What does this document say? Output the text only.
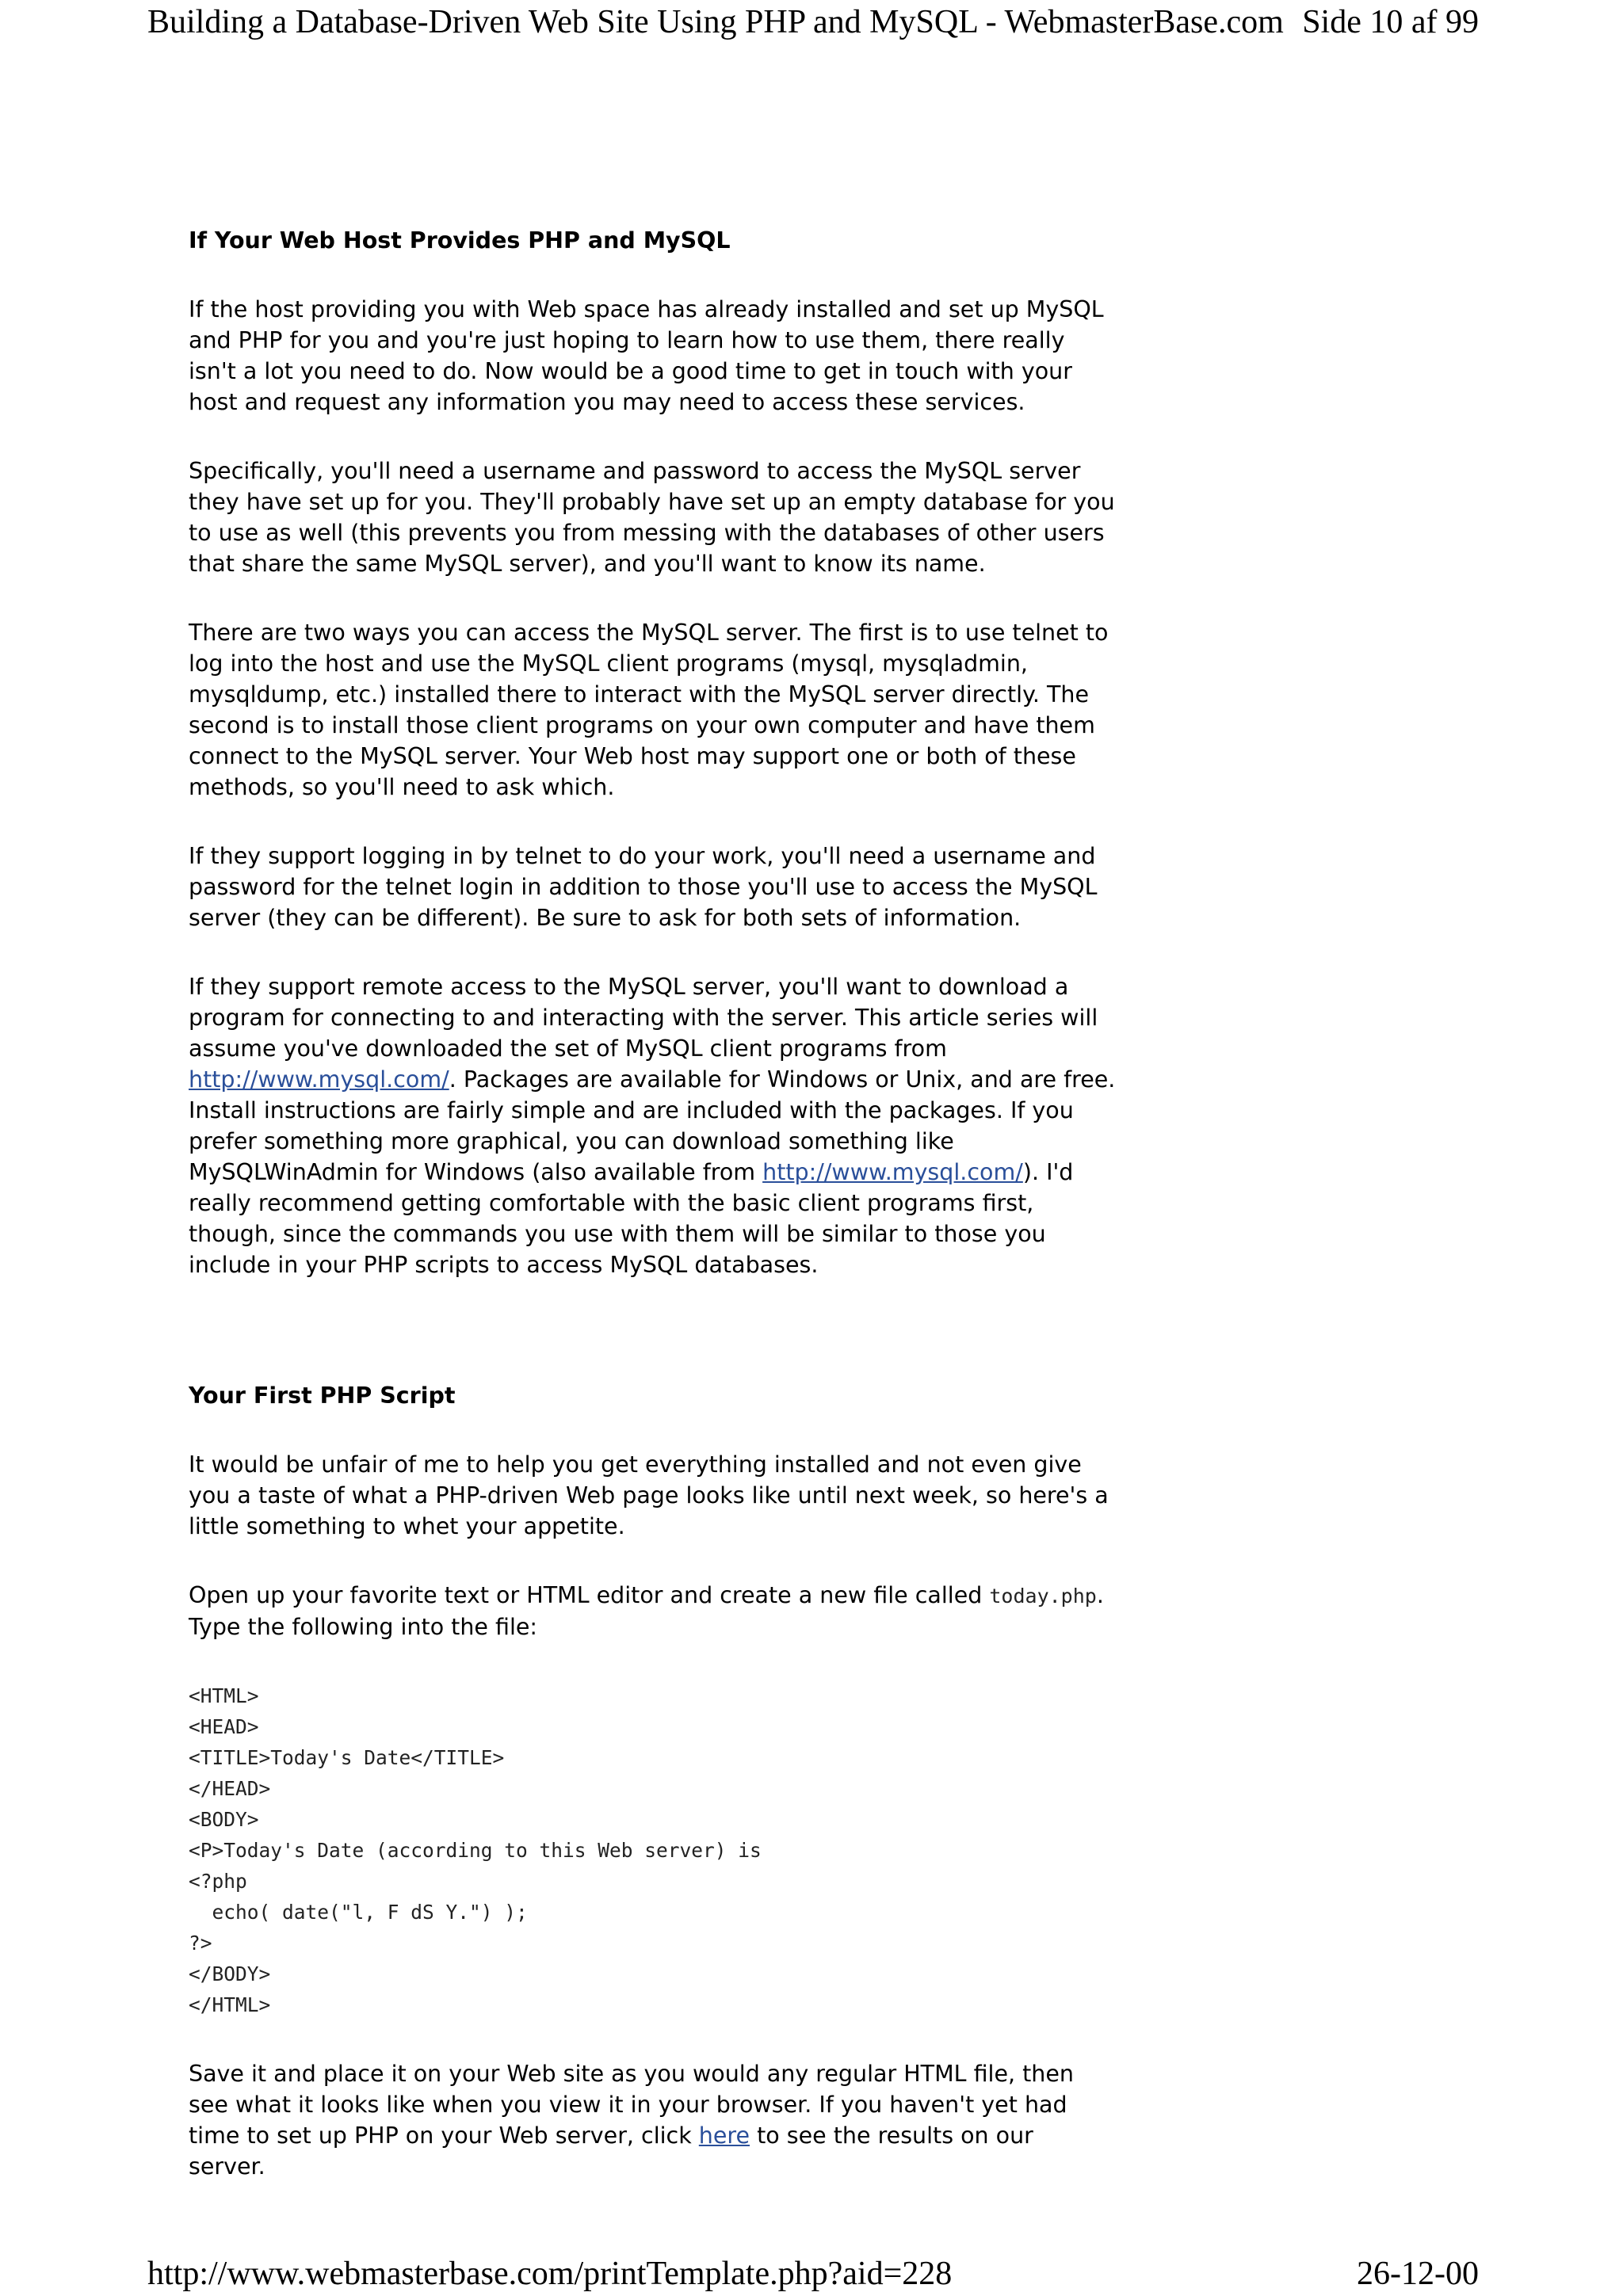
Building a Database-Driven Web Site Using PHP and MySQL - WebmasterBase.com Side 10 af 99
If Your Web Host Provides PHP and MySQL

If the host providing you with Web space has already installed and set up MySQL and PHP for you and you're just hoping to learn how to use them, there really isn't a lot you need to do. Now would be a good time to get in touch with your host and request any information you may need to access these services.

Specifically, you'll need a username and password to access the MySQL server they have set up for you. They'll probably have set up an empty database for you to use as well (this prevents you from messing with the databases of other users that share the same MySQL server), and you'll want to know its name.

There are two ways you can access the MySQL server. The first is to use telnet to log into the host and use the MySQL client programs (mysql, mysqladmin, mysqldump, etc.) installed there to interact with the MySQL server directly. The second is to install those client programs on your own computer and have them connect to the MySQL server. Your Web host may support one or both of these methods, so you'll need to ask which.

If they support logging in by telnet to do your work, you'll need a username and password for the telnet login in addition to those you'll use to access the MySQL server (they can be different). Be sure to ask for both sets of information.

If they support remote access to the MySQL server, you'll want to download a program for connecting to and interacting with the server. This article series will assume you've downloaded the set of MySQL client programs from http://www.mysql.com/. Packages are available for Windows or Unix, and are free. Install instructions are fairly simple and are included with the packages. If you prefer something more graphical, you can download something like MySQLWinAdmin for Windows (also available from http://www.mysql.com/). I'd really recommend getting comfortable with the basic client programs first, though, since the commands you use with them will be similar to those you include in your PHP scripts to access MySQL databases.

Your First PHP Script

It would be unfair of me to help you get everything installed and not even give you a taste of what a PHP-driven Web page looks like until next week, so here's a little something to whet your appetite.

Open up your favorite text or HTML editor and create a new file called today.php. Type the following into the file:

<HTML>
<HEAD>
<TITLE>Today's Date</TITLE>
</HEAD>
<BODY>
<P>Today's Date (according to this Web server) is
<?php
echo( date("l, F dS Y.") );
?>
</BODY>
</HTML>

Save it and place it on your Web site as you would any regular HTML file, then see what it looks like when you view it in your browser. If you haven't yet had time to set up PHP on your Web server, click here to see the results on our server.

http://www.webmasterbase.com/printTemplate.php?aid=228	26-12-00
